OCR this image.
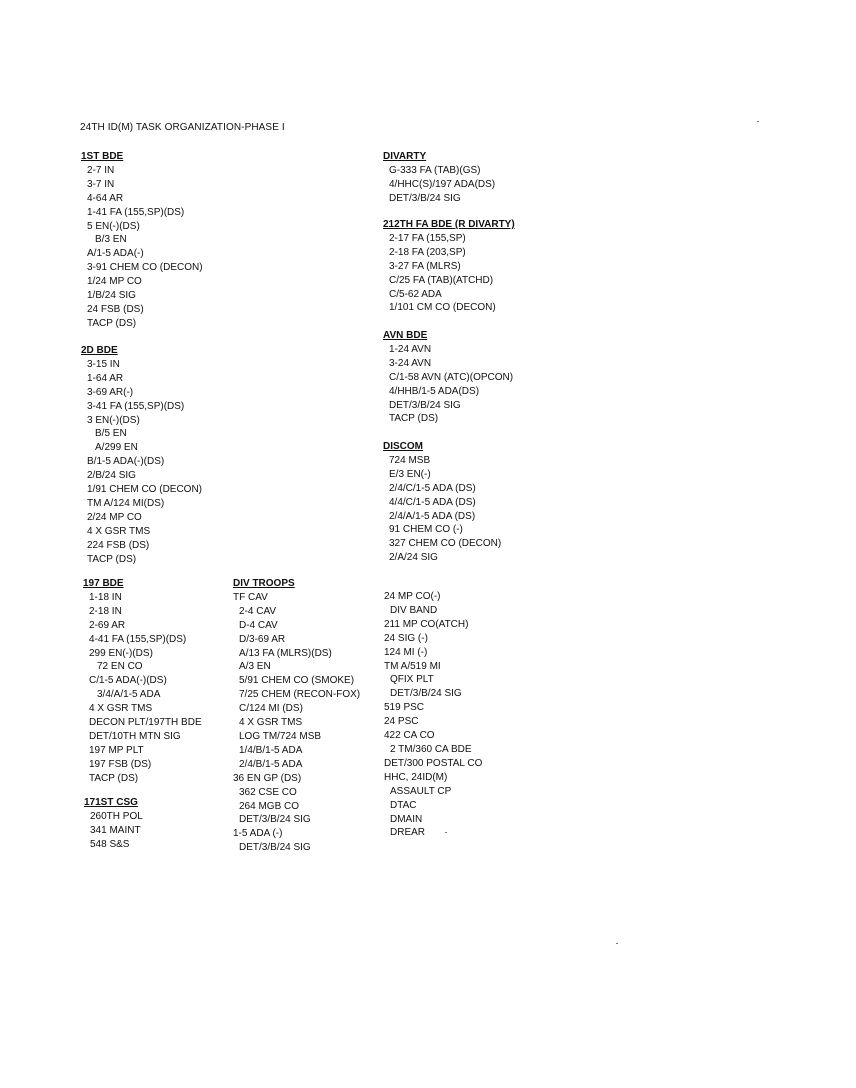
24TH ID(M) TASK ORGANIZATION-PHASE I
1ST BDE
2-7 IN
3-7 IN
4-64 AR
1-41 FA (155,SP)(DS)
5 EN(-)(DS)
B/3 EN
A/1-5 ADA(-)
3-91 CHEM CO (DECON)
1/24 MP CO
1/B/24 SIG
24 FSB (DS)
TACP (DS)
2D BDE
3-15 IN
1-64 AR
3-69 AR(-)
3-41 FA (155,SP)(DS)
3 EN(-)(DS)
B/5 EN
A/299 EN
B/1-5 ADA(-)(DS)
2/B/24 SIG
1/91 CHEM CO (DECON)
TM A/124 MI(DS)
2/24 MP CO
4 X GSR TMS
224 FSB (DS)
TACP (DS)
197 BDE
1-18 IN
2-18 IN
2-69 AR
4-41 FA (155,SP)(DS)
299 EN(-)(DS)
72 EN CO
C/1-5 ADA(-)(DS)
3/4/A/1-5 ADA
4 X GSR TMS
DECON PLT/197TH BDE
DET/10TH MTN SIG
197 MP PLT
197 FSB (DS)
TACP (DS)
171ST CSG
260TH POL
341 MAINT
548 S&S
DIV TROOPS
TF CAV
2-4 CAV
D-4 CAV
D/3-69 AR
A/13 FA (MLRS)(DS)
A/3 EN
5/91 CHEM CO (SMOKE)
7/25 CHEM (RECON-FOX)
C/124 MI (DS)
4 X GSR TMS
LOG TM/724 MSB
1/4/B/1-5 ADA
2/4/B/1-5 ADA
36 EN GP (DS)
362 CSE CO
264 MGB CO
DET/3/B/24 SIG
1-5 ADA (-)
DET/3/B/24 SIG
DIVARTY
G-333 FA (TAB)(GS)
4/HHC(S)/197 ADA(DS)
DET/3/B/24 SIG
212TH FA BDE (R DIVARTY)
2-17 FA (155,SP)
2-18 FA (203,SP)
3-27 FA (MLRS)
C/25 FA (TAB)(ATCHD)
C/5-62 ADA
1/101 CM CO (DECON)
AVN BDE
1-24 AVN
3-24 AVN
C/1-58 AVN (ATC)(OPCON)
4/HHB/1-5 ADA(DS)
DET/3/B/24 SIG
TACP (DS)
DISCOM
724 MSB
E/3 EN(-)
2/4/C/1-5 ADA (DS)
4/4/C/1-5 ADA (DS)
2/4/A/1-5 ADA (DS)
91 CHEM CO (-)
327 CHEM CO (DECON)
2/A/24 SIG
24 MP CO(-)
DIV BAND
211 MP CO(ATCH)
24 SIG (-)
124 MI (-)
TM A/519 MI
QFIX PLT
DET/3/B/24 SIG
519 PSC
24 PSC
422 CA CO
2 TM/360 CA BDE
DET/300 POSTAL CO
HHC, 24ID(M)
ASSAULT CP
DTAC
DMAIN
DREAR
